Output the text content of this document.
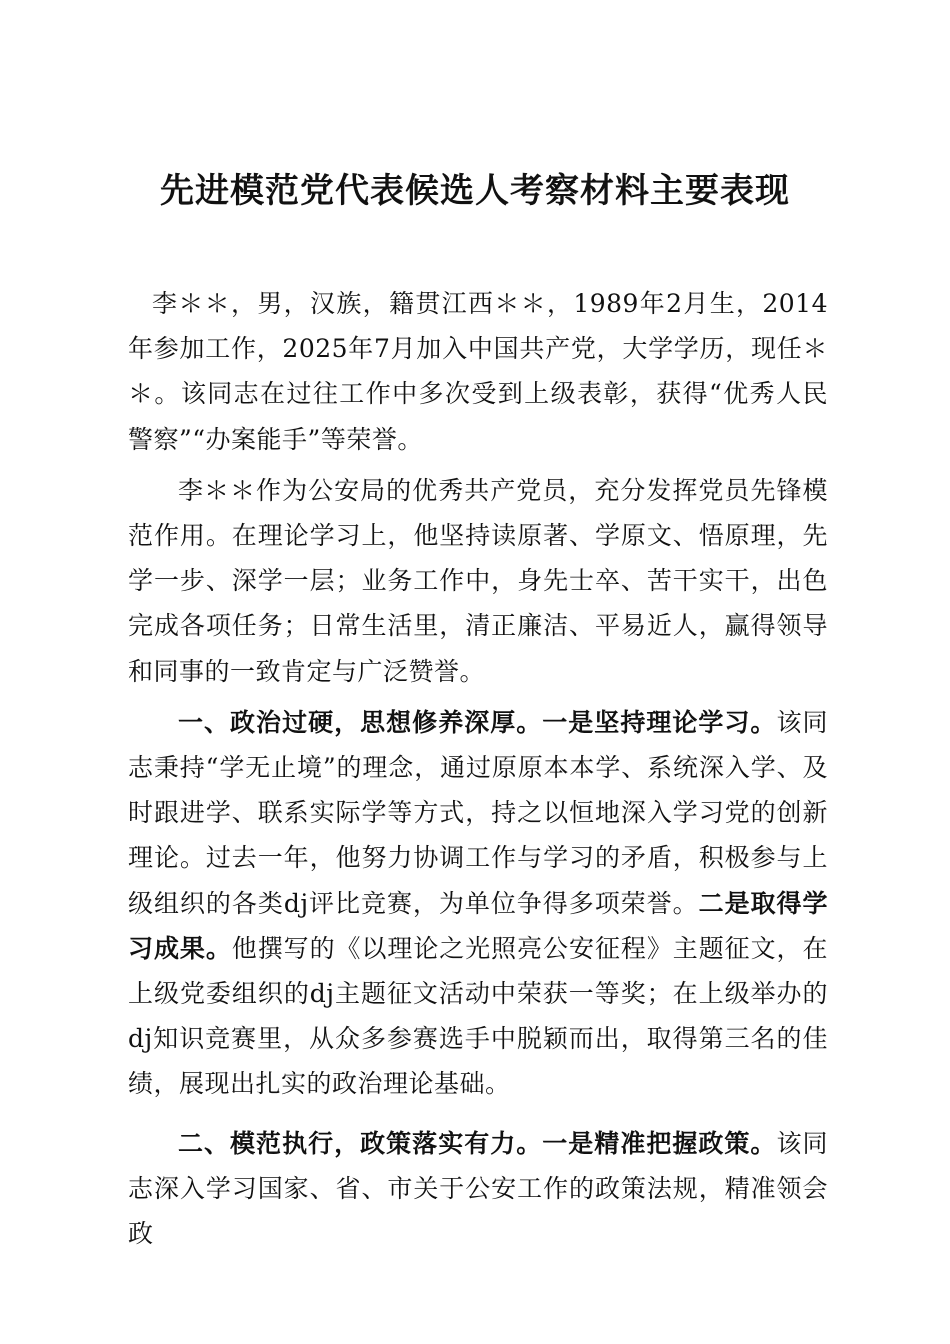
先进模范党代表候选人考察材料主要表现

李＊＊，男，汉族，籍贯江西＊＊，1989年2月生，2014年参加工作，2025年7月加入中国共产党，大学学历，现任＊＊。该同志在过往工作中多次受到上级表彰，获得“优秀人民警察”“办案能手”等荣誉。

李＊＊作为公安局的优秀共产党员，充分发挥党员先锋模范作用。在理论学习上，他坚持读原著、学原文、悟原理，先学一步、深学一层；业务工作中，身先士卒、苦干实干，出色完成各项任务；日常生活里，清正廉洁、平易近人，赢得领导和同事的一致肯定与广泛赞誉。

一、政治过硬，思想修养深厚。一是坚持理论学习。该同志秉持“学无止境”的理念，通过原原本本学、系统深入学、及时跟进学、联系实际学等方式，持之以恒地深入学习党的创新理论。过去一年，他努力协调工作与学习的矛盾，积极参与上级组织的各类dj评比竞赛，为单位争得多项荣誉。二是取得学习成果。他撰写的《以理论之光照亮公安征程》主题征文，在上级党委组织的dj主题征文活动中荣获一等奖；在上级举办的dj知识竞赛里，从众多参赛选手中脱颖而出，取得第三名的佳绩，展现出扎实的政治理论基础。

二、模范执行，政策落实有力。一是精准把握政策。该同志深入学习国家、省、市关于公安工作的政策法规，精准领会政
